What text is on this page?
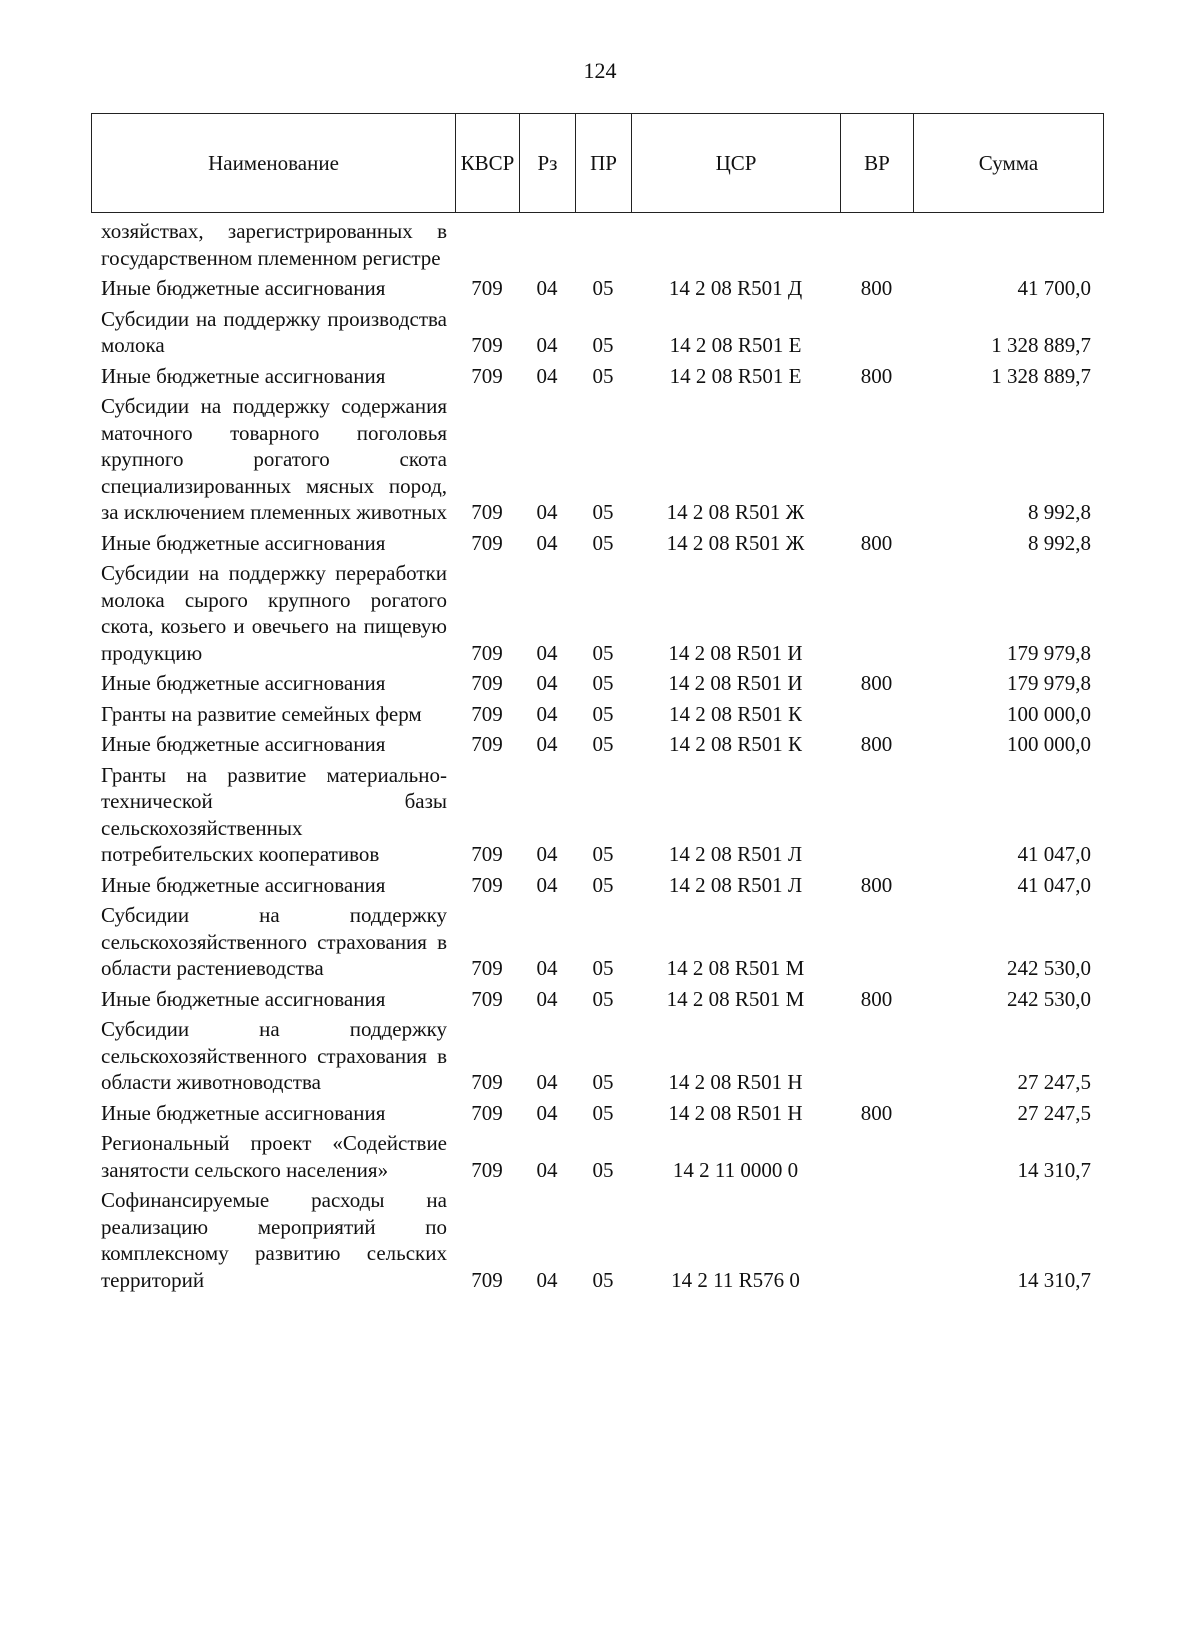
124
Наименование	КВСР	Рз	ПР	ЦСР	ВР	Сумма
хозяйствах, зарегистрированных в государственном племенном регистре						
Иные бюджетные ассигнования	709	04	05	14 2 08 R501 Д	800	41 700,0
Субсидии на поддержку производства молока	709	04	05	14 2 08 R501 Е		1 328 889,7
Иные бюджетные ассигнования	709	04	05	14 2 08 R501 Е	800	1 328 889,7
Субсидии на поддержку содержания маточного товарного поголовья крупного рогатого скота специализированных мясных пород, за исключением племенных животных	709	04	05	14 2 08 R501 Ж		8 992,8
Иные бюджетные ассигнования	709	04	05	14 2 08 R501 Ж	800	8 992,8
Субсидии на поддержку переработки молока сырого крупного рогатого скота, козьего и овечьего на пищевую продукцию	709	04	05	14 2 08 R501 И		179 979,8
Иные бюджетные ассигнования	709	04	05	14 2 08 R501 И	800	179 979,8
Гранты на развитие семейных ферм	709	04	05	14 2 08 R501 К		100 000,0
Иные бюджетные ассигнования	709	04	05	14 2 08 R501 К	800	100 000,0
Гранты на развитие материально-технической базы сельскохозяйственных потребительских кооперативов	709	04	05	14 2 08 R501 Л		41 047,0
Иные бюджетные ассигнования	709	04	05	14 2 08 R501 Л	800	41 047,0
Субсидии на поддержку сельскохозяйственного страхования в области растениеводства	709	04	05	14 2 08 R501 М		242 530,0
Иные бюджетные ассигнования	709	04	05	14 2 08 R501 М	800	242 530,0
Субсидии на поддержку сельскохозяйственного страхования в области животноводства	709	04	05	14 2 08 R501 Н		27 247,5
Иные бюджетные ассигнования	709	04	05	14 2 08 R501 Н	800	27 247,5
Региональный проект «Содействие занятости сельского населения»	709	04	05	14 2 11 0000 0		14 310,7
Софинансируемые расходы на реализацию мероприятий по комплексному развитию сельских территорий	709	04	05	14 2 11 R576 0		14 310,7
